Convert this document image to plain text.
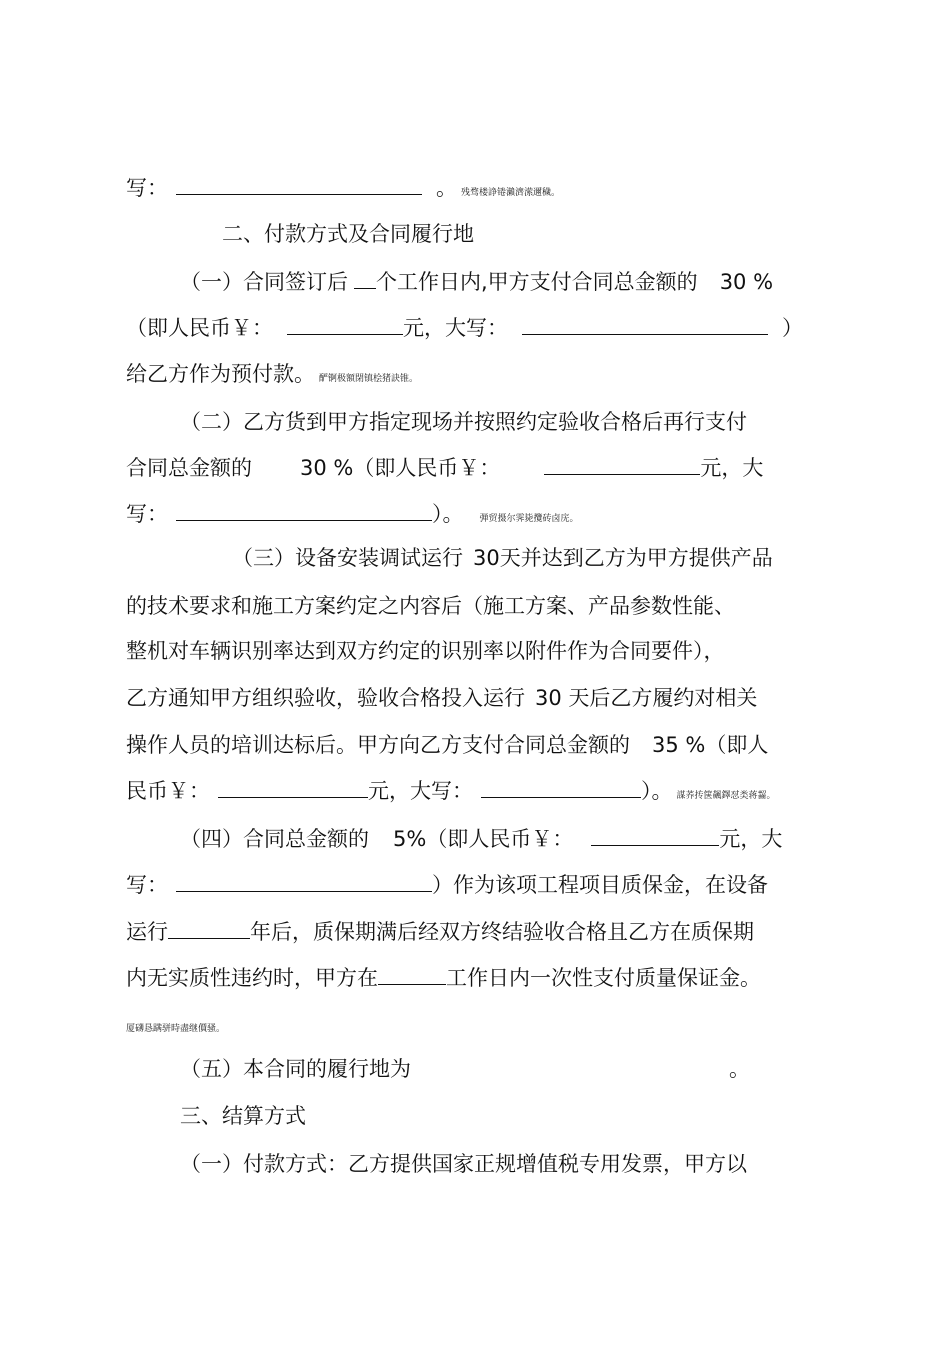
写：	。 残骛楼諍锩瀨濟潆邇穢。
二、付款方式及合同履行地
（一）合同签订后 个工作日内,甲方支付合同总金额的 30 %
（即人民币￥：	元，大写：	）
给乙方作为预付款。 酽锕极額閉镇桧猪訣锥。
（二）乙方货到甲方指定现场并按照约定验收合格后再行支付
合同总金额的 30 %（即人民币￥：	元，大
写：	）。 弾贸摄尔霁毙攬砖卤庑。
（三）设备安装调试运行 30天并达到乙方为甲方提供产品
的技术要求和施工方案约定之内容后（施工方案、产品参数性能、
整机对车辆识别率达到双方约定的识别率以附件作为合同要件），
乙方通知甲方组织验收，验收合格投入运行 30 天后乙方履约对相关
操作人员的培训达标后。甲方向乙方支付合同总金额的 35 %（即人
民币￥：	元，大写：	）。 謀荞抟箧飆鐸怼类蒋齧。
（四）合同总金额的 5%（即人民币￥：	元，大
写：	）作为该项工程项目质保金，在设备
运行	年后，质保期满后经双方终结验收合格且乙方在质保期
内无实质性违约时，甲方在	工作日内一次性支付质量保证金。
厦礴恳蹒骈時盡继價骚。
（五）本合同的履行地为	。
三、结算方式
（一）付款方式：乙方提供国家正规增值税专用发票，甲方以
